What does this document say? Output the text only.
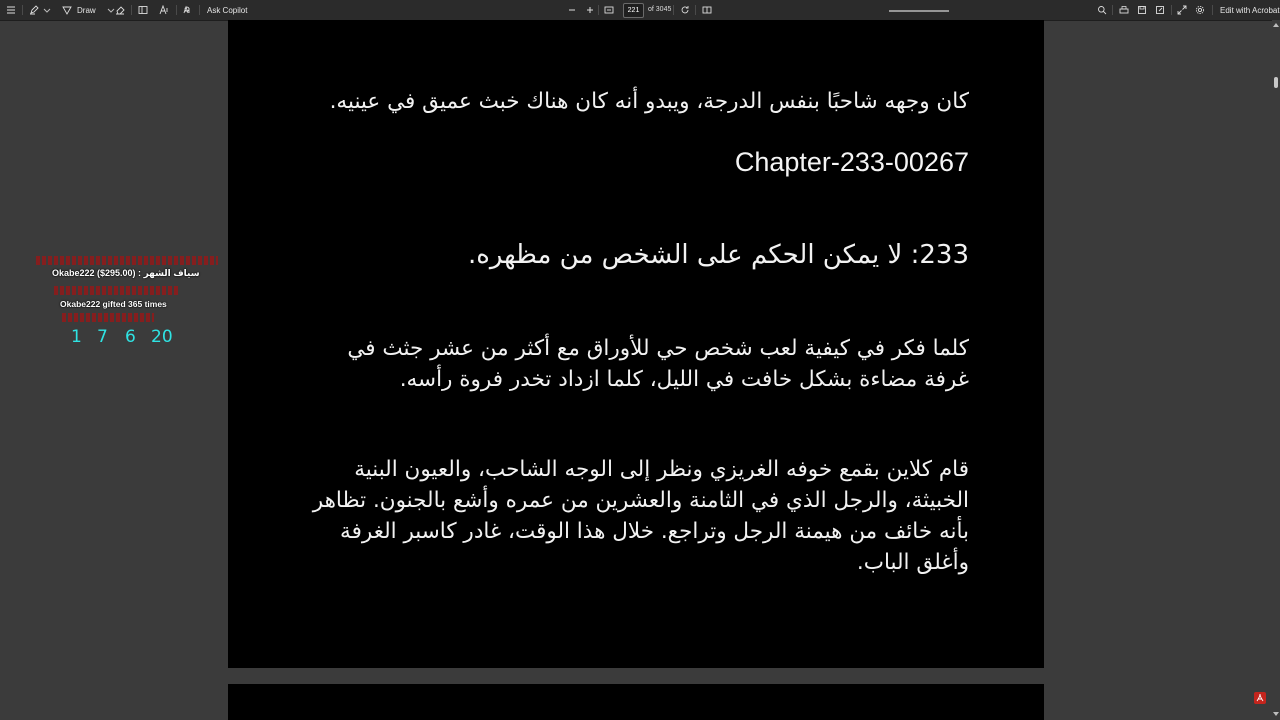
Draw	Ask Copilot	221	of 3045	Edit with Acrobat
كان وجهه شاحبًا بنفس الدرجة، ويبدو أنه كان هناك خبث عميق في عينيه.
Chapter-233-00267
233: لا يمكن الحكم على الشخص من مظهره.
كلما فكر في كيفية لعب شخص حي للأوراق مع أكثر من عشر جثث في غرفة مضاءة بشكل خافت في الليل، كلما ازداد تخدر فروة رأسه.
قام كلاين بقمع خوفه الغريزي ونظر إلى الوجه الشاحب، والعيون البنية الخبيثة، والرجل الذي في الثامنة والعشرين من عمره وأشع بالجنون. تظاهر بأنه خائف من هيمنة الرجل وتراجع. خلال هذا الوقت، غادر كاسبر الغرفة وأغلق الباب.
Okabe222 ($295.00) : سياف الشهر
Okabe222 gifted 365 times
1 7 6 20
